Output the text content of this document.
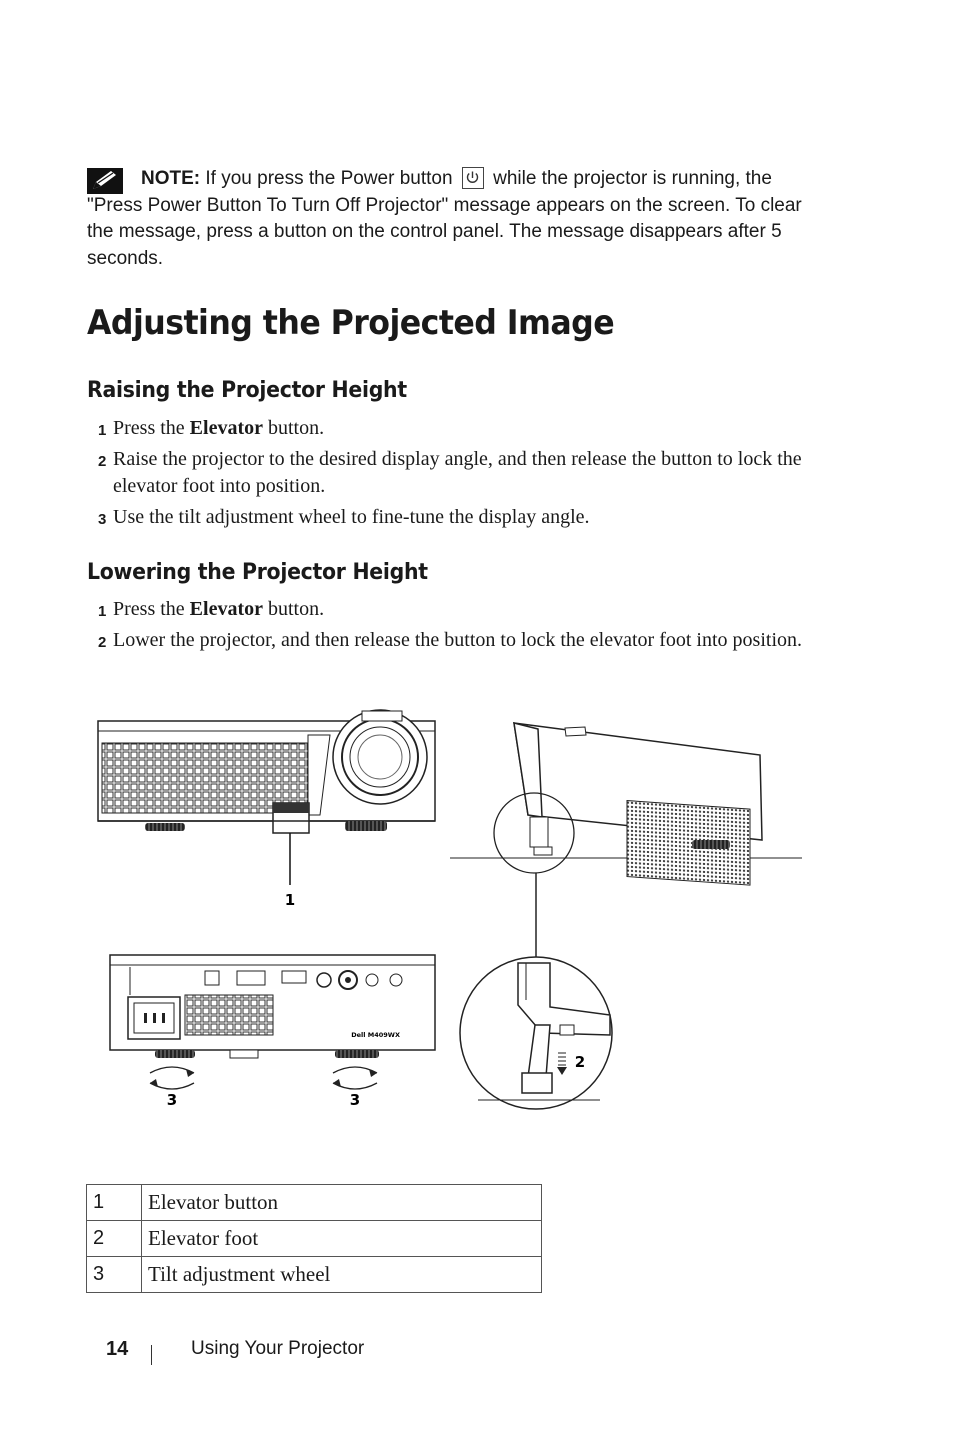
NOTE: If you press the Power button
while the projector is running, the "Press Power Button To Turn Off Projector" message appears on the screen. To clear the message, press a button on the control panel. The message disappears after 5 seconds.
Adjusting the Projected Image
Raising the Projector Height
1 Press the Elevator button.
2 Raise the projector to the desired display angle, and then release the button to lock the elevator foot into position.
3 Use the tilt adjustment wheel to fine-tune the display angle.
Lowering the Projector Height
1 Press the Elevator button.
2 Lower the projector, and then release the button to lock the elevator foot into position.
1
Dell M409WX
3	3
2
1	Elevator button
2	Elevator foot
3	Tilt adjustment wheel
14	Using Your Projector
